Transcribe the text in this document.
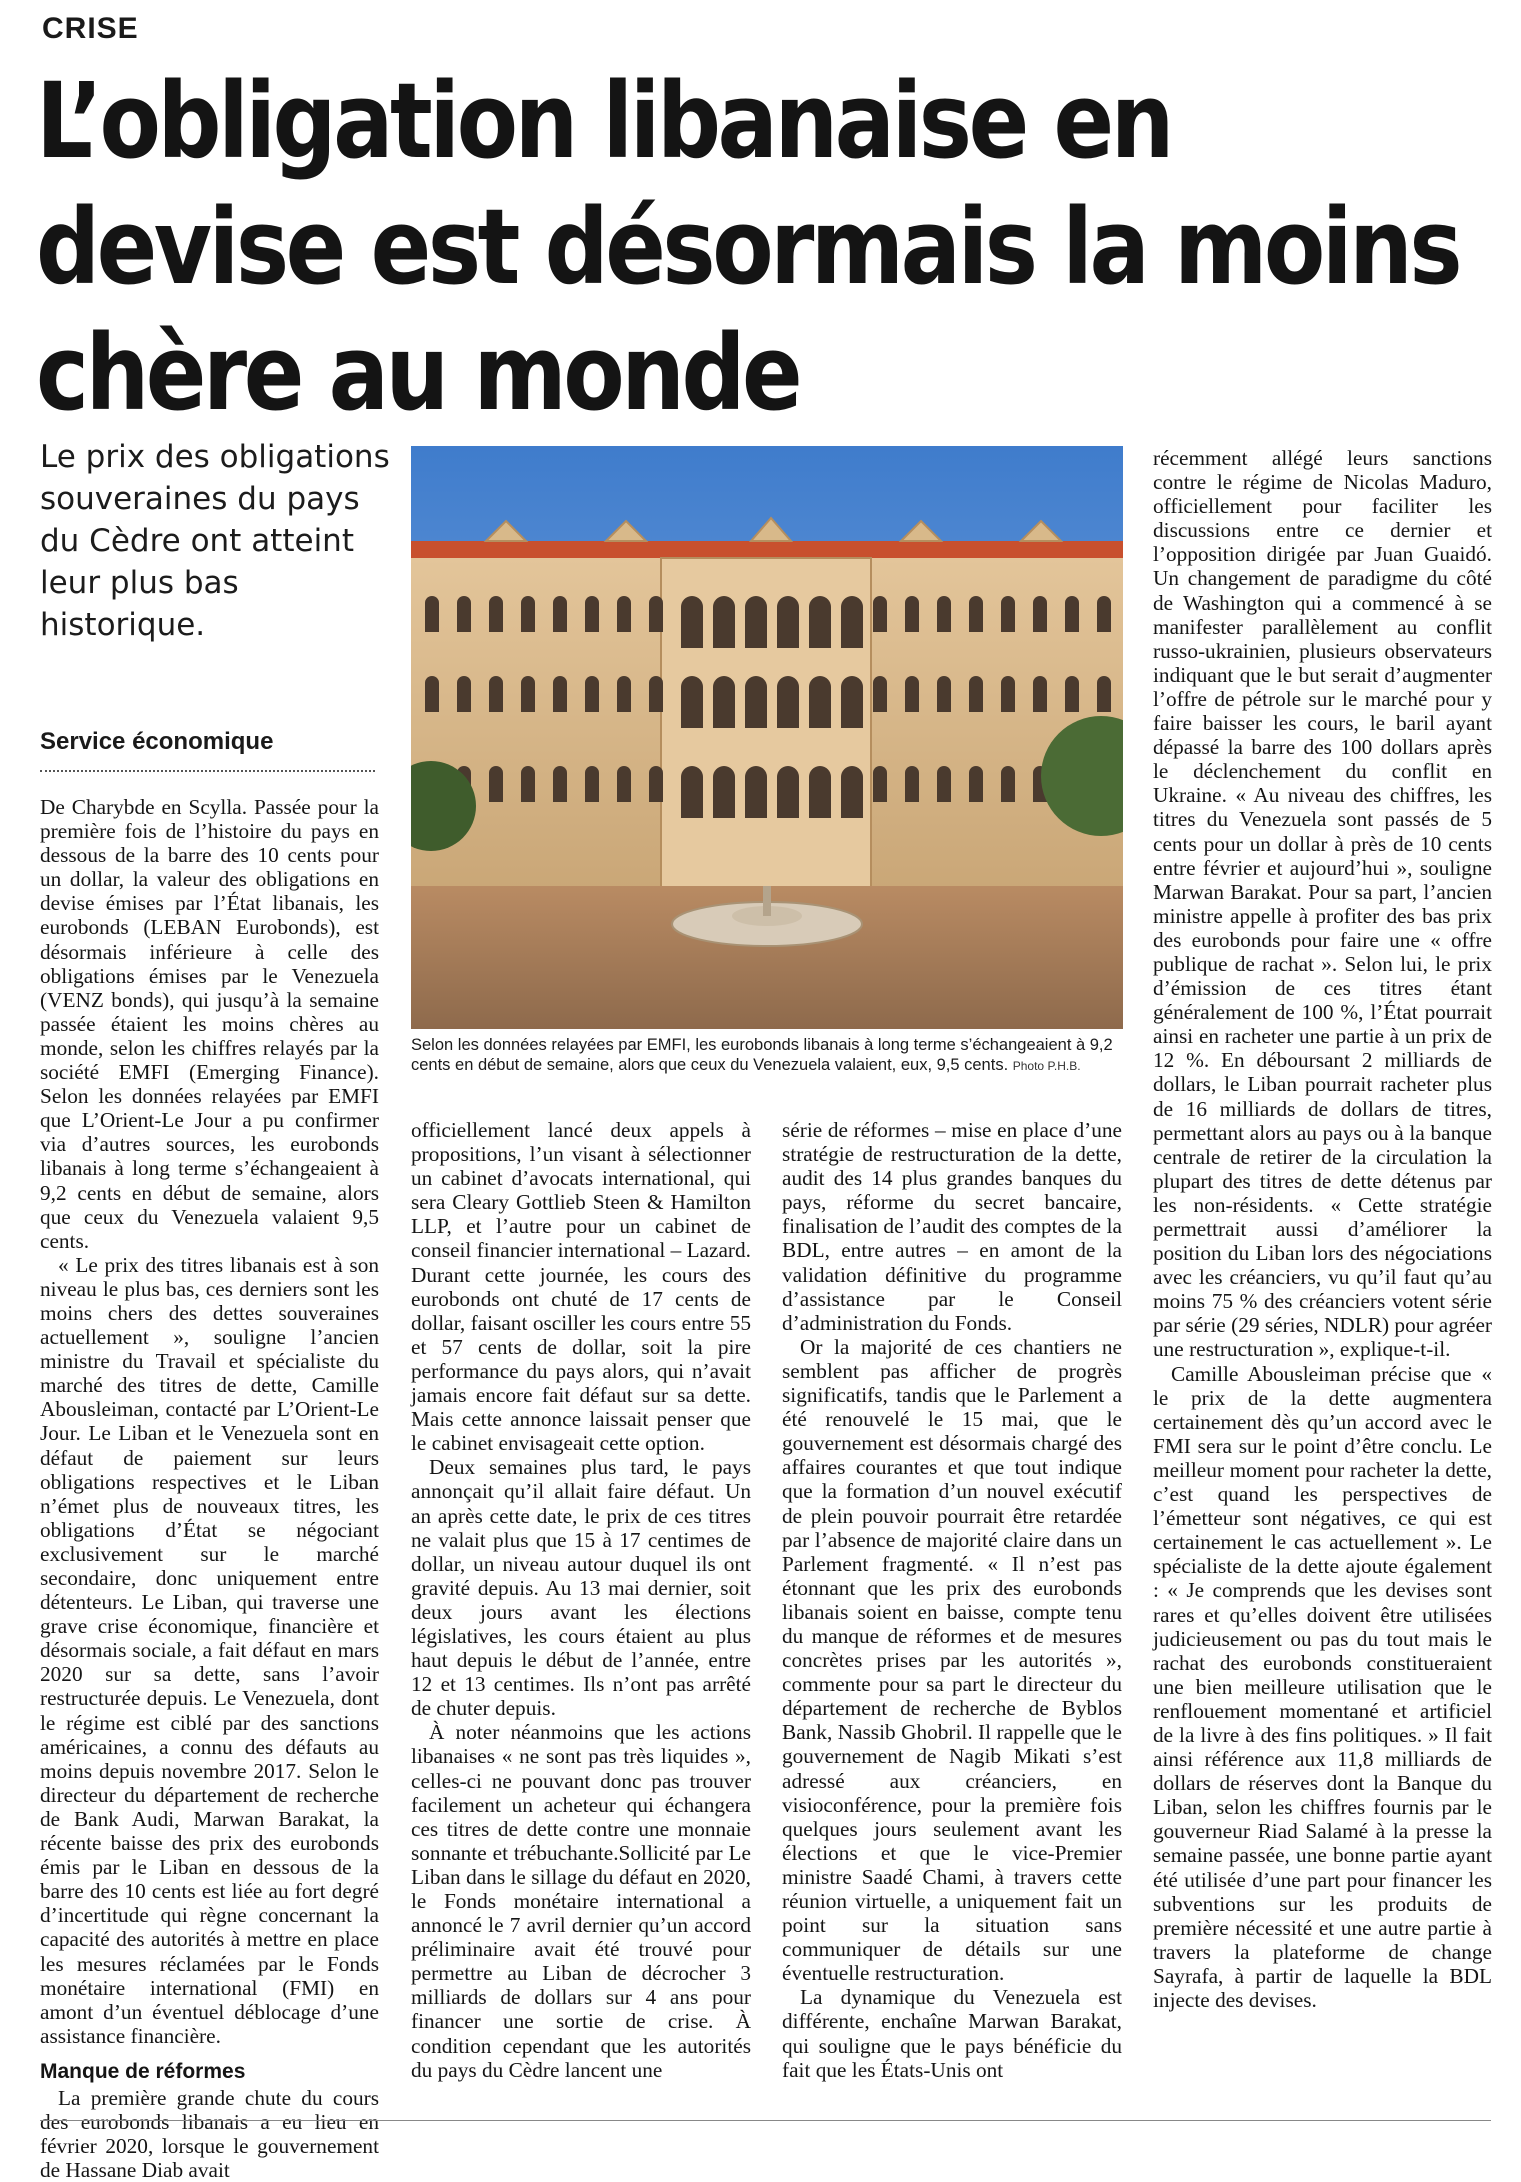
CRISE
L’obligation libanaise en
devise est désormais la moins
chère au monde

Le prix des obligations souveraines du pays du Cèdre ont atteint leur plus bas historique.

Service économique

De Charybde en Scylla. Passée pour la première fois de l’histoire du pays en dessous de la barre des 10 cents pour un dollar, la valeur des obligations en devise émises par l’État libanais, les eurobonds (LEBAN Eurobonds), est désormais inférieure à celle des obligations émises par le Venezuela (VENZ bonds), qui jusqu’à la semaine passée étaient les moins chères au monde, selon les chiffres relayés par la société EMFI (Emerging Finance). Selon les données relayées par EMFI que L’Orient-Le Jour a pu confirmer via d’autres sources, les eurobonds libanais à long terme s’échangeaient à 9,2 cents en début de semaine, alors que ceux du Venezuela valaient 9,5 cents.

« Le prix des titres libanais est à son niveau le plus bas, ces derniers sont les moins chers des dettes souveraines actuellement », souligne l’ancien ministre du Travail et spécialiste du marché des titres de dette, Camille Abousleiman, contacté par L’Orient-Le Jour. Le Liban et le Venezuela sont en défaut de paiement sur leurs obligations respectives et le Liban n’émet plus de nouveaux titres, les obligations d’État se négociant exclusivement sur le marché secondaire, donc uniquement entre détenteurs. Le Liban, qui traverse une grave crise économique, financière et désormais sociale, a fait défaut en mars 2020 sur sa dette, sans l’avoir restructurée depuis. Le Venezuela, dont le régime est ciblé par des sanctions américaines, a connu des défauts au moins depuis novembre 2017. Selon le directeur du département de recherche de Bank Audi, Marwan Barakat, la récente baisse des prix des eurobonds émis par le Liban en dessous de la barre des 10 cents est liée au fort degré d’incertitude qui règne concernant la capacité des autorités à mettre en place les mesures réclamées par le Fonds monétaire international (FMI) en amont d’un éventuel déblocage d’une assistance financière.

Manque de réformes

La première grande chute du cours des eurobonds libanais a eu lieu en février 2020, lorsque le gouvernement de Hassane Diab avait

Selon les données relayées par EMFI, les eurobonds libanais à long terme s’échangeaient à 9,2 cents en début de semaine, alors que ceux du Venezuela valaient, eux, 9,5 cents. Photo P.H.B.

officiellement lancé deux appels à propositions, l’un visant à sélectionner un cabinet d’avocats international, qui sera Cleary Gottlieb Steen & Hamilton LLP, et l’autre pour un cabinet de conseil financier international – Lazard. Durant cette journée, les cours des eurobonds ont chuté de 17 cents de dollar, faisant osciller les cours entre 55 et 57 cents de dollar, soit la pire performance du pays alors, qui n’avait jamais encore fait défaut sur sa dette. Mais cette annonce laissait penser que le cabinet envisageait cette option.

Deux semaines plus tard, le pays annonçait qu’il allait faire défaut. Un an après cette date, le prix de ces titres ne valait plus que 15 à 17 centimes de dollar, un niveau autour duquel ils ont gravité depuis. Au 13 mai dernier, soit deux jours avant les élections législatives, les cours étaient au plus haut depuis le début de l’année, entre 12 et 13 centimes. Ils n’ont pas arrêté de chuter depuis.

À noter néanmoins que les actions libanaises « ne sont pas très liquides », celles-ci ne pouvant donc pas trouver facilement un acheteur qui échangera ces titres de dette contre une monnaie sonnante et trébuchante.Sollicité par Le Liban dans le sillage du défaut en 2020, le Fonds monétaire international a annoncé le 7 avril dernier qu’un accord préliminaire avait été trouvé pour permettre au Liban de décrocher 3 milliards de dollars sur 4 ans pour financer une sortie de crise. À condition cependant que les autorités du pays du Cèdre lancent une

série de réformes – mise en place d’une stratégie de restructuration de la dette, audit des 14 plus grandes banques du pays, réforme du secret bancaire, finalisation de l’audit des comptes de la BDL, entre autres – en amont de la validation définitive du programme d’assistance par le Conseil d’administration du Fonds.

Or la majorité de ces chantiers ne semblent pas afficher de progrès significatifs, tandis que le Parlement a été renouvelé le 15 mai, que le gouvernement est désormais chargé des affaires courantes et que tout indique que la formation d’un nouvel exécutif de plein pouvoir pourrait être retardée par l’absence de majorité claire dans un Parlement fragmenté. « Il n’est pas étonnant que les prix des eurobonds libanais soient en baisse, compte tenu du manque de réformes et de mesures concrètes prises par les autorités », commente pour sa part le directeur du département de recherche de Byblos Bank, Nassib Ghobril. Il rappelle que le gouvernement de Nagib Mikati s’est adressé aux créanciers, en visioconférence, pour la première fois quelques jours seulement avant les élections et que le vice-Premier ministre Saadé Chami, à travers cette réunion virtuelle, a uniquement fait un point sur la situation sans communiquer de détails sur une éventuelle restructuration.

La dynamique du Venezuela est différente, enchaîne Marwan Barakat, qui souligne que le pays bénéficie du fait que les États-Unis ont

récemment allégé leurs sanctions contre le régime de Nicolas Maduro, officiellement pour faciliter les discussions entre ce dernier et l’opposition dirigée par Juan Guaidó. Un changement de paradigme du côté de Washington qui a commencé à se manifester parallèlement au conflit russo-ukrainien, plusieurs observateurs indiquant que le but serait d’augmenter l’offre de pétrole sur le marché pour y faire baisser les cours, le baril ayant dépassé la barre des 100 dollars après le déclenchement du conflit en Ukraine. « Au niveau des chiffres, les titres du Venezuela sont passés de 5 cents pour un dollar à près de 10 cents entre février et aujourd’hui », souligne Marwan Barakat. Pour sa part, l’ancien ministre appelle à profiter des bas prix des eurobonds pour faire une « offre publique de rachat ». Selon lui, le prix d’émission de ces titres étant généralement de 100 %, l’État pourrait ainsi en racheter une partie à un prix de 12 %. En déboursant 2 milliards de dollars, le Liban pourrait racheter plus de 16 milliards de dollars de titres, permettant alors au pays ou à la banque centrale de retirer de la circulation la plupart des titres de dette détenus par les non-résidents. « Cette stratégie permettrait aussi d’améliorer la position du Liban lors des négociations avec les créanciers, vu qu’il faut qu’au moins 75 % des créanciers votent série par série (29 séries, NDLR) pour agréer une restructuration », explique-t-il.

Camille Abousleiman précise que « le prix de la dette augmentera certainement dès qu’un accord avec le FMI sera sur le point d’être conclu. Le meilleur moment pour racheter la dette, c’est quand les perspectives de l’émetteur sont négatives, ce qui est certainement le cas actuellement ». Le spécialiste de la dette ajoute également : « Je comprends que les devises sont rares et qu’elles doivent être utilisées judicieusement ou pas du tout mais le rachat des eurobonds constitueraient une bien meilleure utilisation que le renflouement momentané et artificiel de la livre à des fins politiques. » Il fait ainsi référence aux 11,8 milliards de dollars de réserves dont la Banque du Liban, selon les chiffres fournis par le gouverneur Riad Salamé à la presse la semaine passée, une bonne partie ayant été utilisée d’une part pour financer les subventions sur les produits de première nécessité et une autre partie à travers la plateforme de change Sayrafa, à partir de laquelle la BDL injecte des devises.
